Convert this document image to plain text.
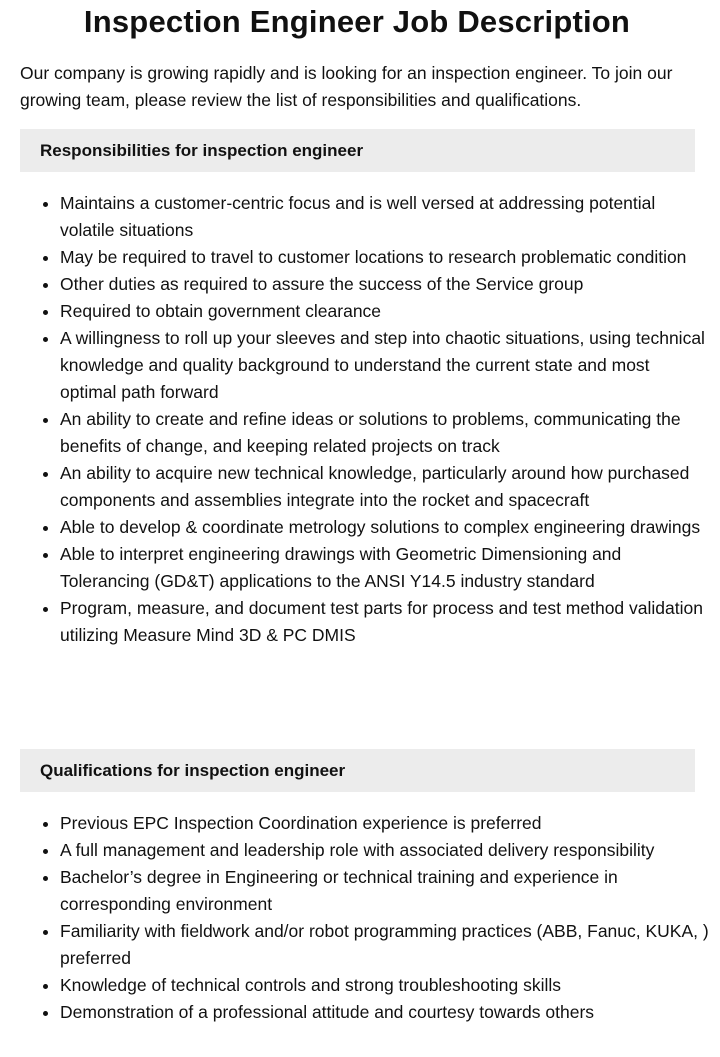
Inspection Engineer Job Description

Our company is growing rapidly and is looking for an inspection engineer. To join our growing team, please review the list of responsibilities and qualifications.

Responsibilities for inspection engineer
• Maintains a customer-centric focus and is well versed at addressing potential volatile situations
• May be required to travel to customer locations to research problematic condition
• Other duties as required to assure the success of the Service group
• Required to obtain government clearance
• A willingness to roll up your sleeves and step into chaotic situations, using technical knowledge and quality background to understand the current state and most optimal path forward
• An ability to create and refine ideas or solutions to problems, communicating the benefits of change, and keeping related projects on track
• An ability to acquire new technical knowledge, particularly around how purchased components and assemblies integrate into the rocket and spacecraft
• Able to develop & coordinate metrology solutions to complex engineering drawings
• Able to interpret engineering drawings with Geometric Dimensioning and Tolerancing (GD&T) applications to the ANSI Y14.5 industry standard
• Program, measure, and document test parts for process and test method validation utilizing Measure Mind 3D & PC DMIS
Qualifications for inspection engineer
• Previous EPC Inspection Coordination experience is preferred
• A full management and leadership role with associated delivery responsibility
• Bachelor’s degree in Engineering or technical training and experience in corresponding environment
• Familiarity with fieldwork and/or robot programming practices (ABB, Fanuc, KUKA, ) preferred
• Knowledge of technical controls and strong troubleshooting skills
• Demonstration of a professional attitude and courtesy towards others
